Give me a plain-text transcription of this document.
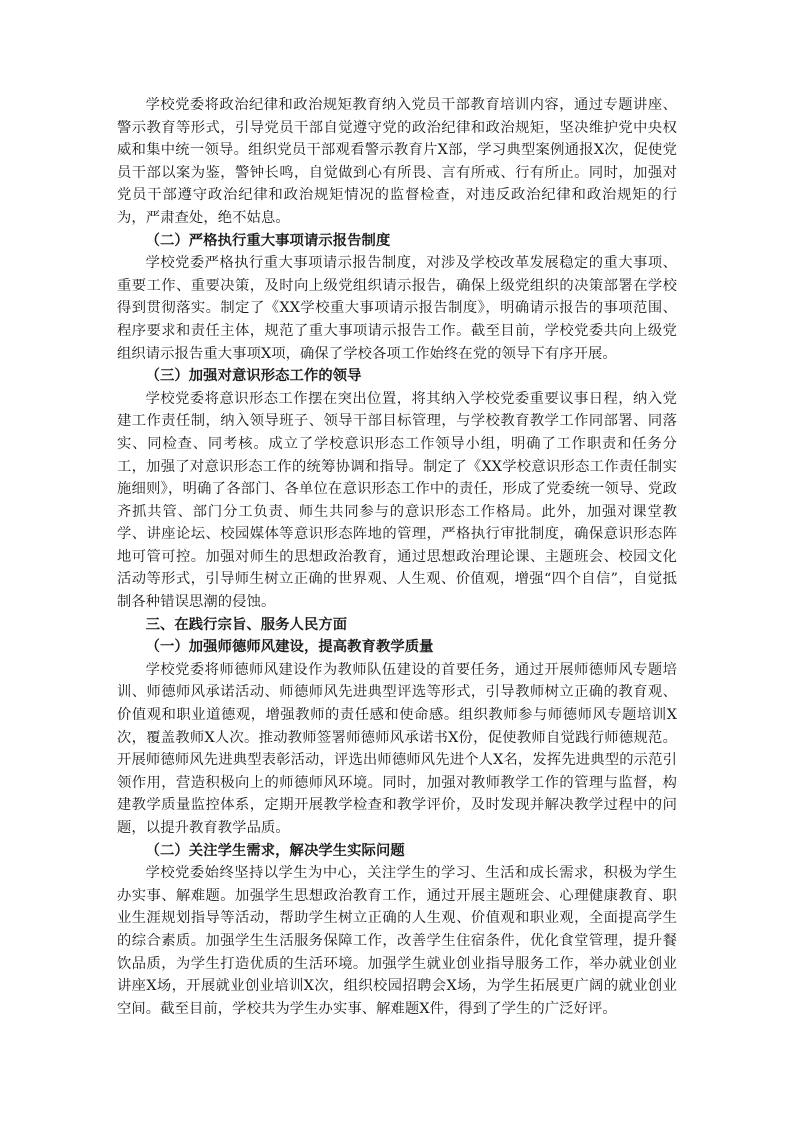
学校党委将政治纪律和政治规矩教育纳入党员干部教育培训内容，通过专题讲座、警示教育等形式，引导党员干部自觉遵守党的政治纪律和政治规矩，坚决维护党中央权威和集中统一领导。组织党员干部观看警示教育片X部，学习典型案例通报X次，促使党员干部以案为鉴，警钟长鸣，自觉做到心有所畏、言有所戒、行有所止。同时，加强对党员干部遵守政治纪律和政治规矩情况的监督检查，对违反政治纪律和政治规矩的行为，严肃查处，绝不姑息。

（二）严格执行重大事项请示报告制度

学校党委严格执行重大事项请示报告制度，对涉及学校改革发展稳定的重大事项、重要工作、重要决策，及时向上级党组织请示报告，确保上级党组织的决策部署在学校得到贯彻落实。制定了《XX学校重大事项请示报告制度》，明确请示报告的事项范围、程序要求和责任主体，规范了重大事项请示报告工作。截至目前，学校党委共向上级党组织请示报告重大事项X项，确保了学校各项工作始终在党的领导下有序开展。

（三）加强对意识形态工作的领导

学校党委将意识形态工作摆在突出位置，将其纳入学校党委重要议事日程，纳入党建工作责任制，纳入领导班子、领导干部目标管理，与学校教育教学工作同部署、同落实、同检查、同考核。成立了学校意识形态工作领导小组，明确了工作职责和任务分工，加强了对意识形态工作的统筹协调和指导。制定了《XX学校意识形态工作责任制实施细则》，明确了各部门、各单位在意识形态工作中的责任，形成了党委统一领导、党政齐抓共管、部门分工负责、师生共同参与的意识形态工作格局。此外，加强对课堂教学、讲座论坛、校园媒体等意识形态阵地的管理，严格执行审批制度，确保意识形态阵地可管可控。加强对师生的思想政治教育，通过思想政治理论课、主题班会、校园文化活动等形式，引导师生树立正确的世界观、人生观、价值观，增强“四个自信”，自觉抵制各种错误思潮的侵蚀。

三、在践行宗旨、服务人民方面
（一）加强师德师风建设，提高教育教学质量

学校党委将师德师风建设作为教师队伍建设的首要任务，通过开展师德师风专题培训、师德师风承诺活动、师德师风先进典型评选等形式，引导教师树立正确的教育观、价值观和职业道德观，增强教师的责任感和使命感。组织教师参与师德师风专题培训X次，覆盖教师X人次。推动教师签署师德师风承诺书X份，促使教师自觉践行师德规范。开展师德师风先进典型表彰活动，评选出师德师风先进个人X名，发挥先进典型的示范引领作用，营造积极向上的师德师风环境。同时，加强对教师教学工作的管理与监督，构建教学质量监控体系，定期开展教学检查和教学评价，及时发现并解决教学过程中的问题，以提升教育教学品质。

（二）关注学生需求，解决学生实际问题

学校党委始终坚持以学生为中心，关注学生的学习、生活和成长需求，积极为学生办实事、解难题。加强学生思想政治教育工作，通过开展主题班会、心理健康教育、职业生涯规划指导等活动，帮助学生树立正确的人生观、价值观和职业观，全面提高学生的综合素质。加强学生生活服务保障工作，改善学生住宿条件，优化食堂管理，提升餐饮品质，为学生打造优质的生活环境。加强学生就业创业指导服务工作，举办就业创业讲座X场，开展就业创业培训X次，组织校园招聘会X场，为学生拓展更广阔的就业创业空间。截至目前，学校共为学生办实事、解难题X件，得到了学生的广泛好评。
